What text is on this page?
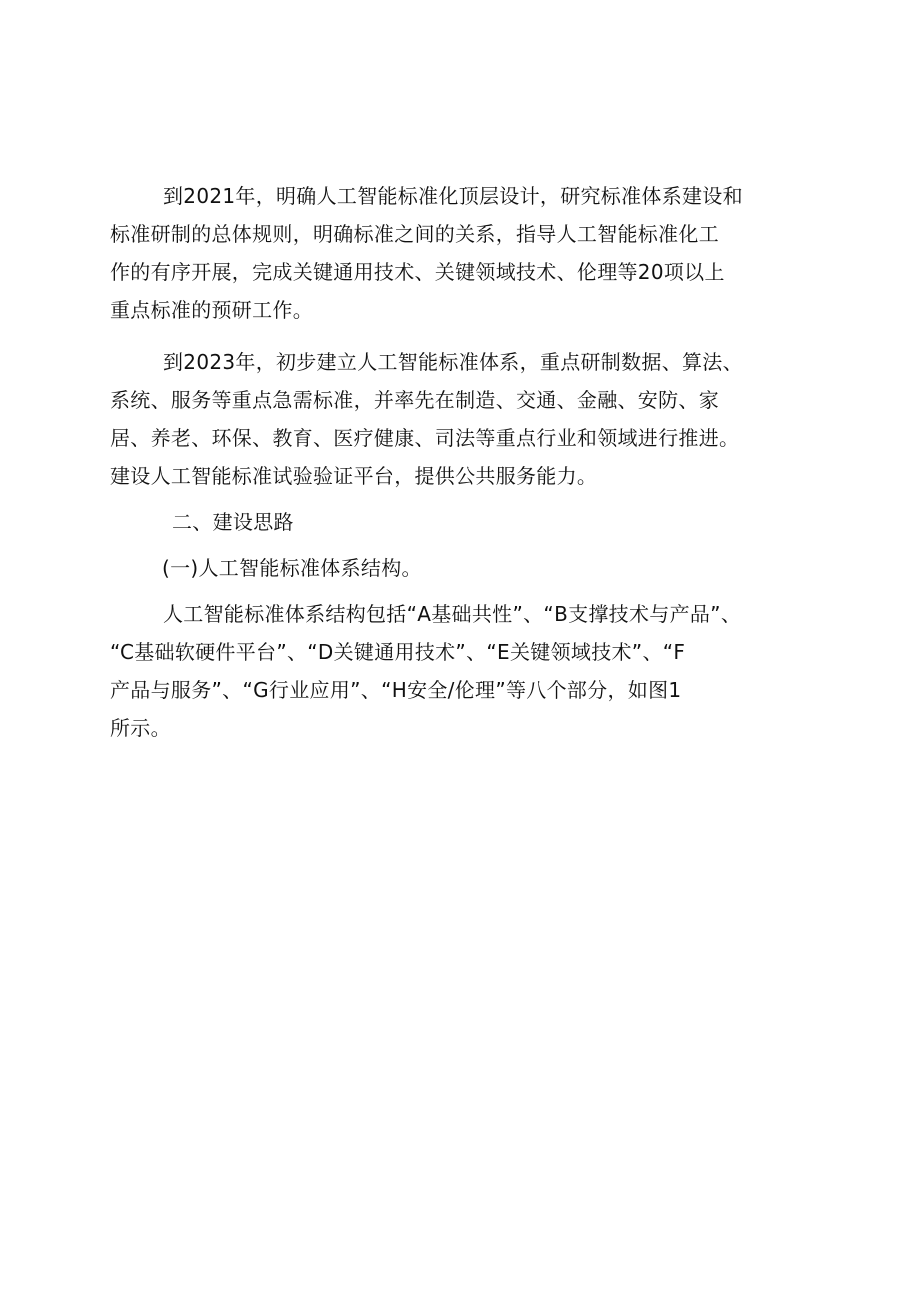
到2021年，明确人工智能标准化顶层设计，研究标准体系建设和
标准研制的总体规则，明确标准之间的关系，指导人工智能标准化工
作的有序开展，完成关键通用技术、关键领域技术、伦理等20项以上
重点标准的预研工作。
到2023年，初步建立人工智能标准体系，重点研制数据、算法、
系统、服务等重点急需标准，并率先在制造、交通、金融、安防、家
居、养老、环保、教育、医疗健康、司法等重点行业和领域进行推进。
建设人工智能标准试验验证平台，提供公共服务能力。
二、建设思路
(一)人工智能标准体系结构。
人工智能标准体系结构包括“A基础共性”、“B支撑技术与产品”、
“C基础软硬件平台”、“D关键通用技术”、“E关键领域技术”、“F
产品与服务”、“G行业应用”、“H安全/伦理”等八个部分，如图1
所示。
